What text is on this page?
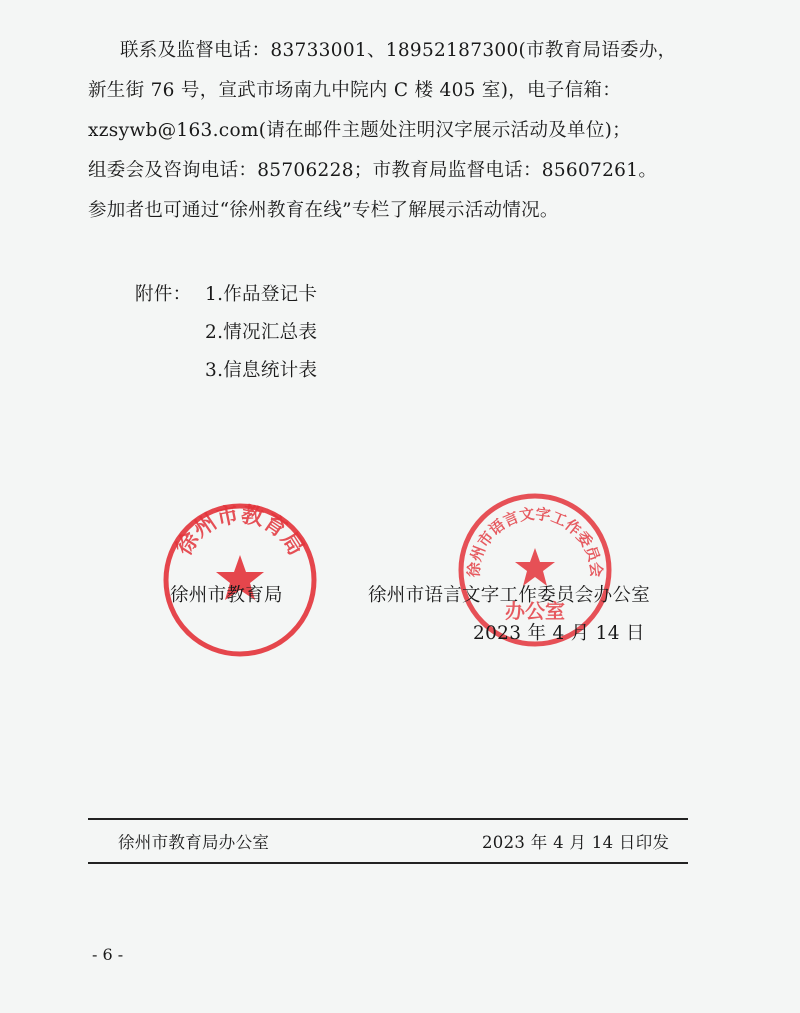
联系及监督电话：83733001、18952187300(市教育局语委办，
新生街 76 号，宣武市场南九中院内 C 楼 405 室)，电子信箱：
xzsywb@163.com(请在邮件主题处注明汉字展示活动及单位)；
组委会及咨询电话：85706228；市教育局监督电话：85607261。
参加者也可通过“徐州教育在线”专栏了解展示活动情况。
附件： 1.作品登记卡
2.情况汇总表
3.信息统计表
徐州市教育局
徐州市语言文字工作委员会
办公室
徐州市教育局	徐州市语言文字工作委员会办公室
2023 年 4 月 14 日
徐州市教育局办公室	2023 年 4 月 14 日印发
- 6 -
